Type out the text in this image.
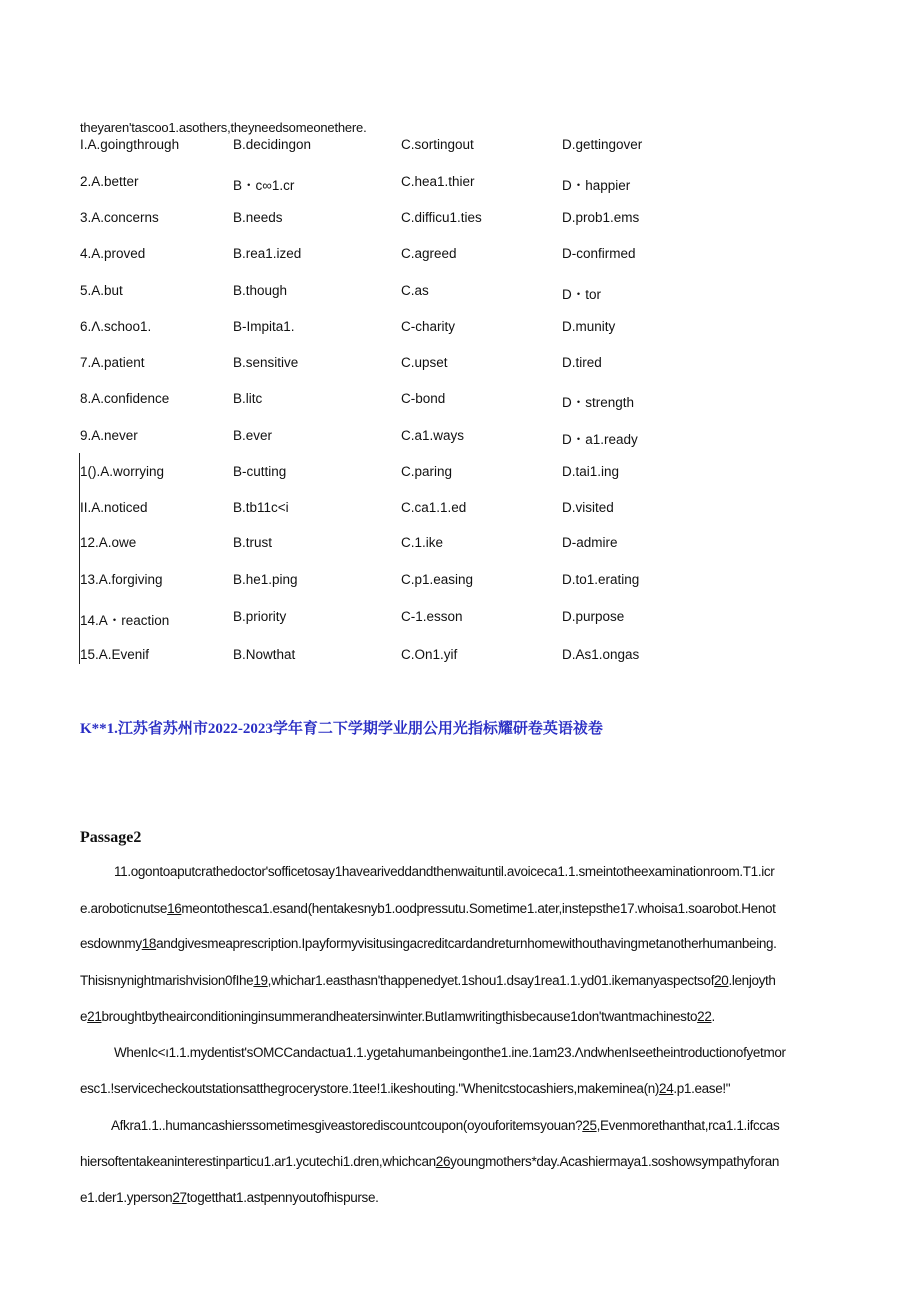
theyaren'tascoo1.asothers,theyneedsomeonethere.
I.A.goingthrough	B.decidingon	C.sortingout	D.gettingover
2.A.better	B・c∞1.cr	C.hea1.thier	D・happier
3.A.concerns	B.needs	C.difficu1.ties	D.prob1.ems
4.A.proved	B.rea1.ized	C.agreed	D-confirmed
5.A.but	B.though	C.as	D・tor
6.Λ.schoo1.	B-Impita1.	C-charity	D.munity
7.A.patient	B.sensitive	C.upset	D.tired
8.A.confidence	B.litc	C-bond	D・strength
9.A.never	B.ever	C.a1.ways	D・a1.ready
1().A.worrying	B-cutting	C.paring	D.tai1.ing
II.A.noticed	B.tb11c<i	C.ca1.1.ed	D.visited
12.A.owe	B.trust	C.1.ike	D-admire
13.A.forgiving	B.he1.ping	C.p1.easing	D.to1.erating
14.A・reaction	B.priority	C-1.esson	D.purpose
15.A.Evenif	B.Nowthat	C.On1.yif	D.As1.ongas
K**1.江苏省苏州市2022-2023学年育二下学期学业朋公用光指标耀研卷英语祓卷
Passage2
11.ogontoaputcrathedoctor'sofficetosay1haveariveddandthenwaituntil.avoiceca1.1.smeintotheexaminationroom.T1.icr
e.aroboticnutse16meontothesca1.esand(hentakesnyb1.oodpressutu.Sometime1.ater,instepsthe17.whoisa1.soarobot.Henot
esdownmy18andgivesmeaprescription.Ipayformyvisitusingacreditcardandreturnhomewithouthavingmetanotherhumanbeing.
Thisisnynightmarishvision0fIhe19,whichar1.easthasn'thappenedyet.1shou1.dsay1rea1.1.yd01.ikemanyaspectsof20.lenjoyth
e21broughtbytheairconditioninginsummerandheatersinwinter.ButIamwritingthisbecause1don'twantmachinesto22.
WhenIc<ı1.1.mydentist'sOMCCandactua1.1.ygetahumanbeingonthe1.ine.1am23.ΛndwhenIseetheintroductionofyetmor
esc1.!servicecheckoutstationsatthegrocerystore.1tee!1.ikeshouting."Whenitcstocashiers,makeminea(n)24.p1.ease!"
Afkra1.1..humancashierssometimesgiveastorediscountcoupon(oyouforitemsyouan?25,Evenmorethanthat,rca1.1.ifccas
hiersoftentakeaninterestinparticu1.ar1.ycutechi1.dren,whichcan26youngmothers*day.Acashiermaya1.soshowsympathyforan
e1.der1.yperson27togetthat1.astpennyoutofhispurse.
